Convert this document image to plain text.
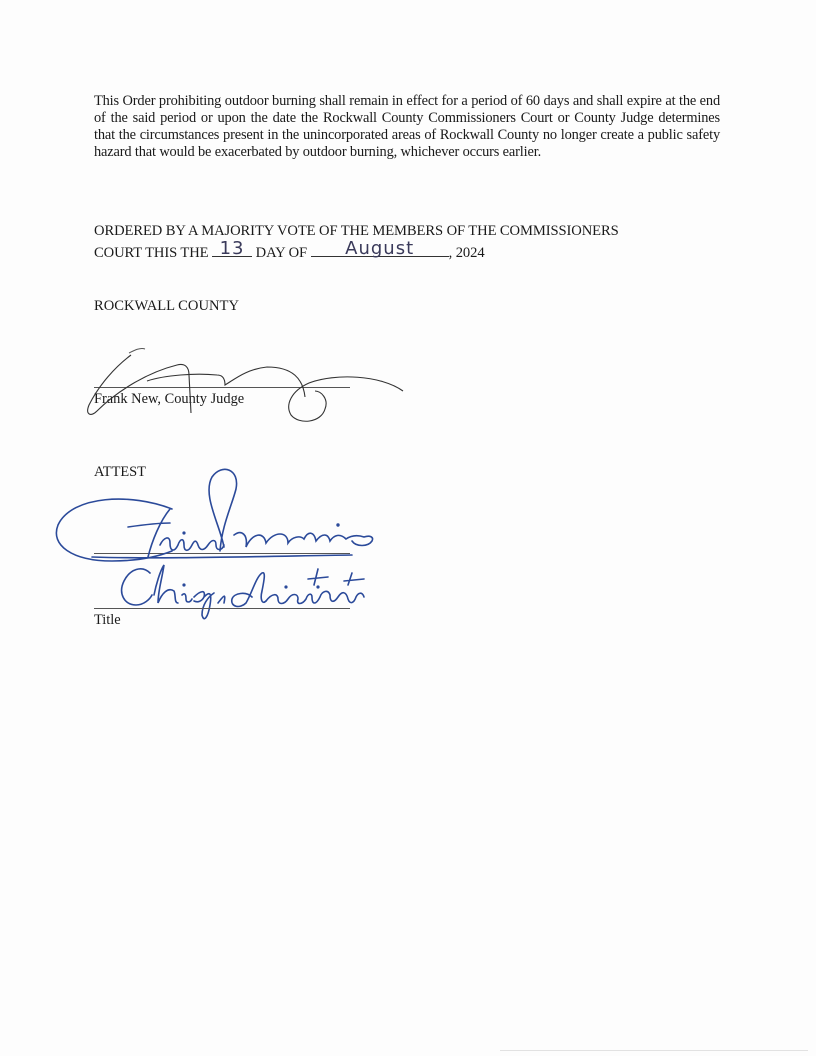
This Order prohibiting outdoor burning shall remain in effect for a period of 60 days and shall expire at the end of the said period or upon the date the Rockwall County Commissioners Court or County Judge determines that the circumstances present in the unincorporated areas of Rockwall County no longer create a public safety hazard that would be exacerbated by outdoor burning, whichever occurs earlier.

ORDERED BY A MAJORITY VOTE OF THE MEMBERS OF THE COMMISSIONERS
COURT THIS THE 13 DAY OF	August	, 2024
ROCKWALL COUNTY
Frank New, County Judge
ATTEST
Title
